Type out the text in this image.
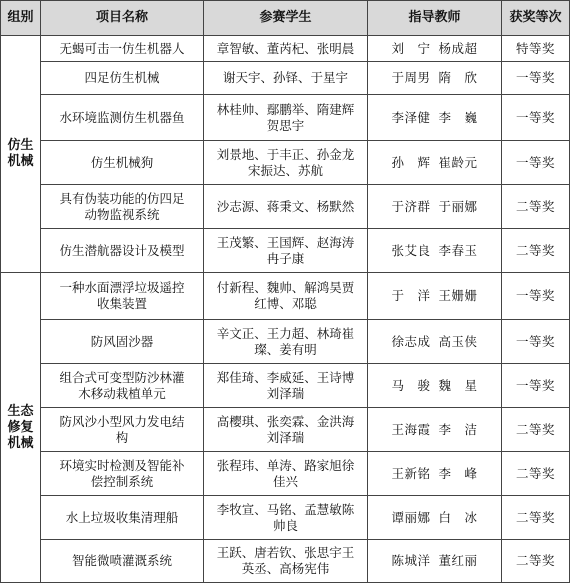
组别	项目名称	参赛学生	指导教师	获奖等次
仿生机械	无蝎可击一仿生机器人	章智敏、董芮杞、张明晨	刘　宁 杨成超	特等奖
	四足仿生机械	谢天宇、孙铎、于星宇	于周男 隋　欣	一等奖
	水环境监测仿生机器鱼	林桂帅、鄢鹏举、隋建辉贺思宇	李泽健 李　巍	一等奖
	仿生机械狗	刘景地、于丰正、孙金龙宋振达、苏航	孙　辉 崔龄元	一等奖
	具有伪装功能的仿四足动物监视系统	沙志源、蒋秉文、杨默然	于济群 于丽娜	二等奖
	仿生潜航器设计及模型	王茂繁、王国辉、赵海涛冉子康	张艾良 李春玉	二等奖
生态修复机械	一种水面漂浮垃圾遥控收集装置	付新程、魏帅、解鸿昊贾红博、邓聪	于　洋 王姗姗	一等奖
	防风固沙器	辛文正、王力超、林琦崔璨、姜有明	徐志成 高玉侠	一等奖
	组合式可变型防沙林灌木移动栽植单元	郑佳琦、李威延、王诗博刘泽瑞	马　骏 魏　星	一等奖
	防风沙小型风力发电结构	高樱琪、张奕霖、金洪海刘泽瑞	王海霞 李　洁	二等奖
	环境实时检测及智能补偿控制系统	张程玮、单涛、路家旭徐佳兴	王新铭 李　峰	二等奖
	水上垃圾收集清理船	李牧宣、马铭、孟慧敏陈帅良	谭丽娜 白　冰	二等奖
	智能微喷灌溉系统	王跃、唐若钦、张思宇王英丞、高杨宪伟	陈城洋 董红丽	二等奖
